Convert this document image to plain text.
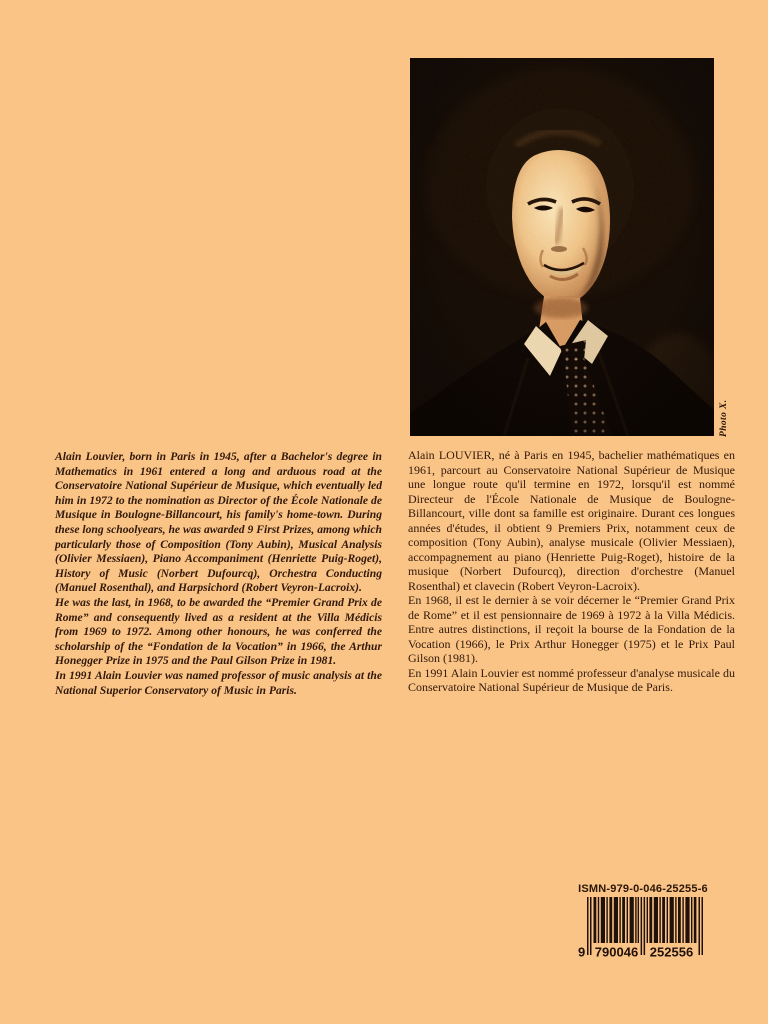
Photo X.

Alain Louvier, born in Paris in 1945, after a Bachelor's degree in Mathematics in 1961 entered a long and arduous road at the Conservatoire National Supérieur de Musique, which eventually led him in 1972 to the nomination as Director of the École Nationale de Musique in Boulogne-Billancourt, his family's home-town. During these long schoolyears, he was awarded 9 First Prizes, among which particularly those of Composition (Tony Aubin), Musical Analysis (Olivier Messiaen), Piano Accompaniment (Henriette Puig-Roget), History of Music (Norbert Dufourcq), Orchestra Conducting (Manuel Rosenthal), and Harpsichord (Robert Veyron-Lacroix).

He was the last, in 1968, to be awarded the “Premier Grand Prix de Rome” and consequently lived as a resident at the Villa Médicis from 1969 to 1972. Among other honours, he was conferred the scholarship of the “Fondation de la Vocation” in 1966, the Arthur Honegger Prize in 1975 and the Paul Gilson Prize in 1981.

In 1991 Alain Louvier was named professor of music analysis at the National Superior Conservatory of Music in Paris.

Alain LOUVIER, né à Paris en 1945, bachelier mathématiques en 1961, parcourt au Conservatoire National Supérieur de Musique une longue route qu'il termine en 1972, lorsqu'il est nommé Directeur de l'École Nationale de Musique de Boulogne-Billancourt, ville dont sa famille est originaire. Durant ces longues années d'études, il obtient 9 Premiers Prix, notamment ceux de composition (Tony Aubin), analyse musicale (Olivier Messiaen), accompagnement au piano (Henriette Puig-Roget), histoire de la musique (Norbert Dufourcq), direction d'orchestre (Manuel Rosenthal) et clavecin (Robert Veyron-Lacroix).

En 1968, il est le dernier à se voir décerner le “Premier Grand Prix de Rome” et il est pensionnaire de 1969 à 1972 à la Villa Médicis. Entre autres distinctions, il reçoit la bourse de la Fondation de la Vocation (1966), le Prix Arthur Honegger (1975) et le Prix Paul Gilson (1981).

En 1991 Alain Louvier est nommé professeur d'analyse musicale du Conservatoire National Supérieur de Musique de Paris.

ISMN-979-0-046-25255-6
9 790046 252556
